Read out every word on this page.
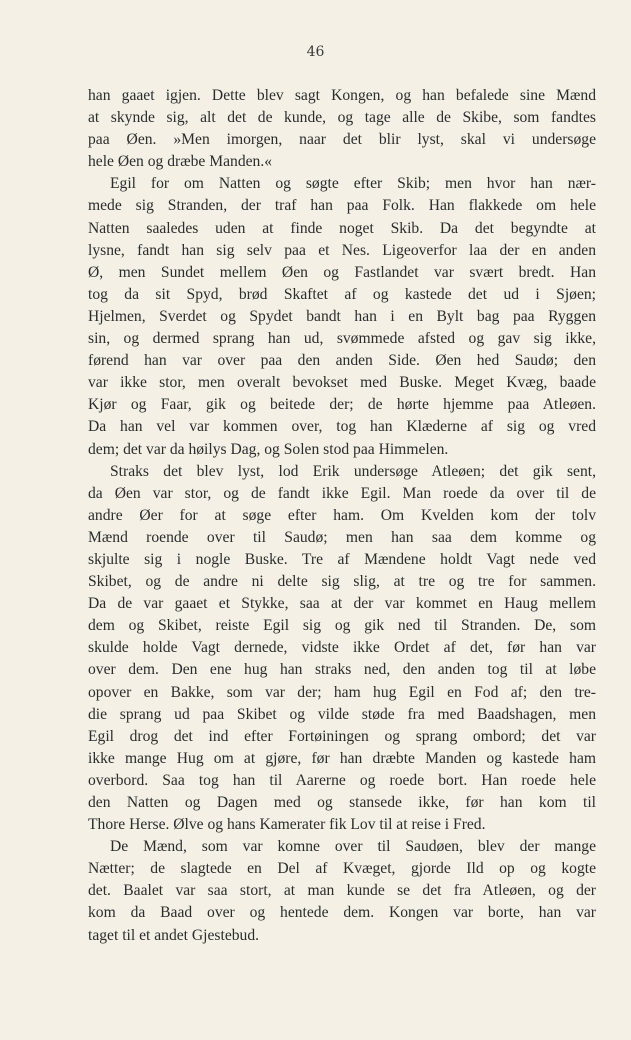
46
han gaaet igjen. Dette blev sagt Kongen, og han befalede sine Mænd
at skynde sig, alt det de kunde, og tage alle de Skibe, som fandtes
paa Øen. »Men imorgen, naar det blir lyst, skal vi undersøge
hele Øen og dræbe Manden.«
Egil for om Natten og søgte efter Skib; men hvor han nær-
mede sig Stranden, der traf han paa Folk. Han flakkede om hele
Natten saaledes uden at finde noget Skib. Da det begyndte at
lysne, fandt han sig selv paa et Nes. Ligeoverfor laa der en anden
Ø, men Sundet mellem Øen og Fastlandet var svært bredt. Han
tog da sit Spyd, brød Skaftet af og kastede det ud i Sjøen;
Hjelmen, Sverdet og Spydet bandt han i en Bylt bag paa Ryggen
sin, og dermed sprang han ud, svømmede afsted og gav sig ikke,
førend han var over paa den anden Side. Øen hed Saudø; den
var ikke stor, men overalt bevokset med Buske. Meget Kvæg, baade
Kjør og Faar, gik og beitede der; de hørte hjemme paa Atleøen.
Da han vel var kommen over, tog han Klæderne af sig og vred
dem; det var da høilys Dag, og Solen stod paa Himmelen.
Straks det blev lyst, lod Erik undersøge Atleøen; det gik sent,
da Øen var stor, og de fandt ikke Egil. Man roede da over til de
andre Øer for at søge efter ham. Om Kvelden kom der tolv
Mænd roende over til Saudø; men han saa dem komme og
skjulte sig i nogle Buske. Tre af Mændene holdt Vagt nede ved
Skibet, og de andre ni delte sig slig, at tre og tre for sammen.
Da de var gaaet et Stykke, saa at der var kommet en Haug mellem
dem og Skibet, reiste Egil sig og gik ned til Stranden. De, som
skulde holde Vagt dernede, vidste ikke Ordet af det, før han var
over dem. Den ene hug han straks ned, den anden tog til at løbe
opover en Bakke, som var der; ham hug Egil en Fod af; den tre-
die sprang ud paa Skibet og vilde støde fra med Baadshagen, men
Egil drog det ind efter Fortøiningen og sprang ombord; det var
ikke mange Hug om at gjøre, før han dræbte Manden og kastede ham
overbord. Saa tog han til Aarerne og roede bort. Han roede hele
den Natten og Dagen med og stansede ikke, før han kom til
Thore Herse. Ølve og hans Kamerater fik Lov til at reise i Fred.
De Mænd, som var komne over til Saudøen, blev der mange
Nætter; de slagtede en Del af Kvæget, gjorde Ild op og kogte
det. Baalet var saa stort, at man kunde se det fra Atleøen, og der
kom da Baad over og hentede dem. Kongen var borte, han var
taget til et andet Gjestebud.
